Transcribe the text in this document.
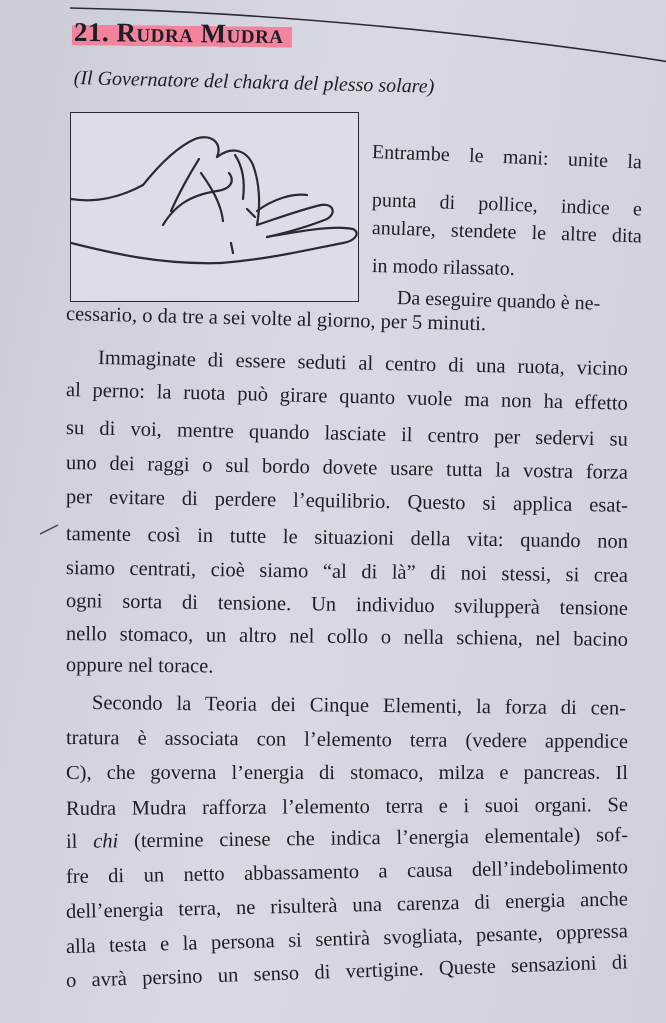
21. Rudra Mudra
(Il Governatore del chakra del plesso solare)
Entrambe le mani: unite la
punta di pollice, indice e
anulare, stendete le altre dita
in modo rilassato.
Da eseguire quando è ne-
cessario, o da tre a sei volte al giorno, per 5 minuti.
Immaginate di essere seduti al centro di una ruota, vicino
al perno: la ruota può girare quanto vuole ma non ha effetto
su di voi, mentre quando lasciate il centro per sedervi su
uno dei raggi o sul bordo dovete usare tutta la vostra forza
per evitare di perdere l’equilibrio. Questo si applica esat-
tamente così in tutte le situazioni della vita: quando non
siamo centrati, cioè siamo “al di là” di noi stessi, si crea
ogni sorta di tensione. Un individuo svilupperà tensione
nello stomaco, un altro nel collo o nella schiena, nel bacino
oppure nel torace.
Secondo la Teoria dei Cinque Elementi, la forza di cen-
tratura è associata con l’elemento terra (vedere appendice
C), che governa l’energia di stomaco, milza e pancreas. Il
Rudra Mudra rafforza l’elemento terra e i suoi organi. Se
il chi (termine cinese che indica l’energia elementale) sof-
fre di un netto abbassamento a causa dell’indebolimento
dell’energia terra, ne risulterà una carenza di energia anche
alla testa e la persona si sentirà svogliata, pesante, oppressa
o avrà persino un senso di vertigine. Queste sensazioni di
